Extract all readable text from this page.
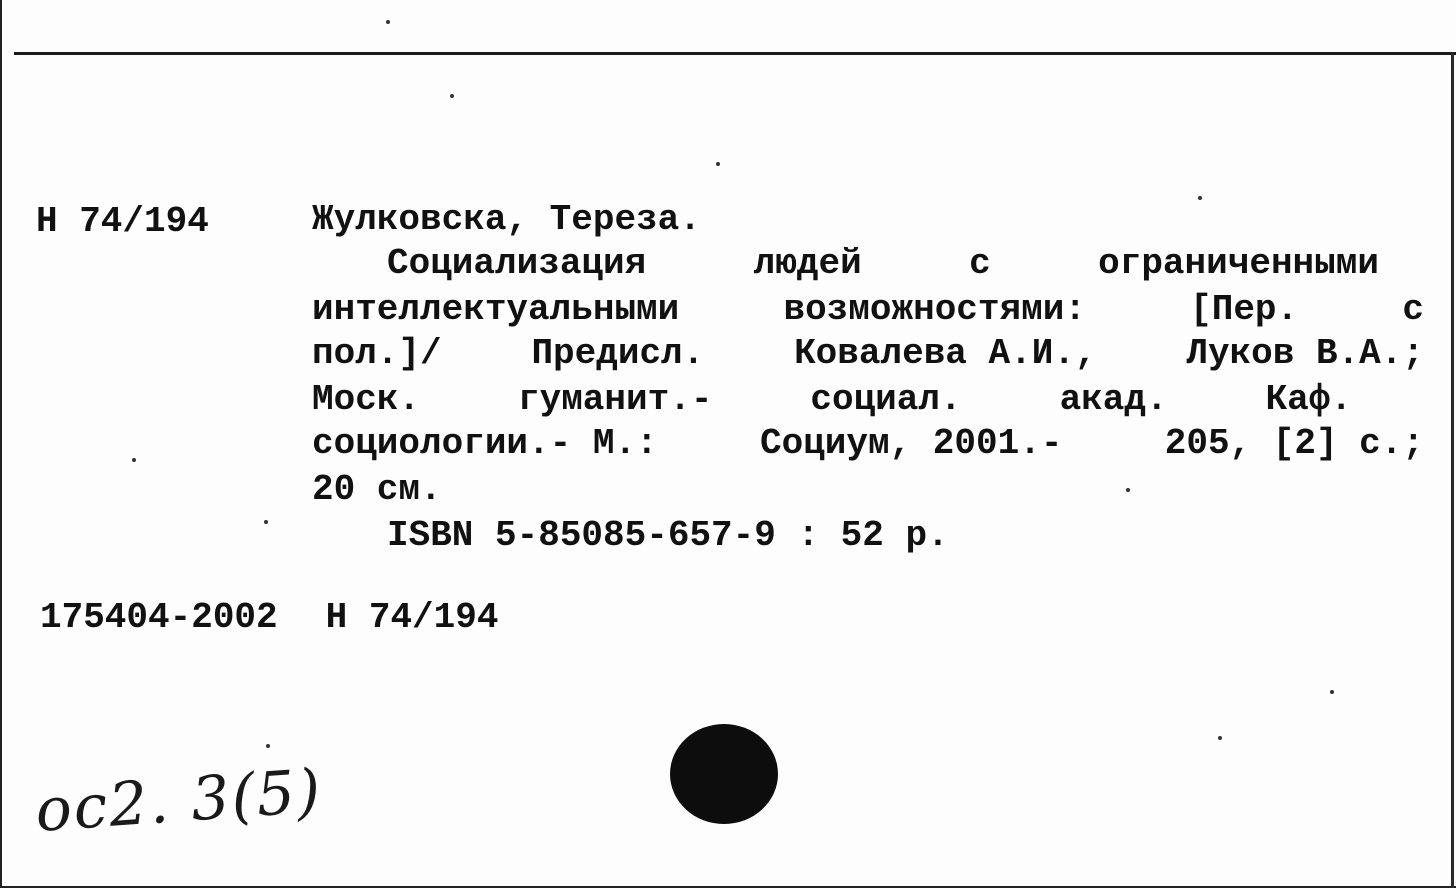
Н 74/194	Жулковска, Тереза.
Социализация	людей	с	ограниченными
интеллектуальными	возможностями:	[Пер.	с
пол.]/ Предисл. Ковалева А.И., Луков В.А.;
Моск.	гуманит.-	социал.	акад.	Каф.
социологии.- М.:	Социум, 2001.-	205, [2] с.;
20 см.
ISBN 5-85085-657-9 : 52 р.
175404-2002 Н 74/194
ос2. 3(5)
